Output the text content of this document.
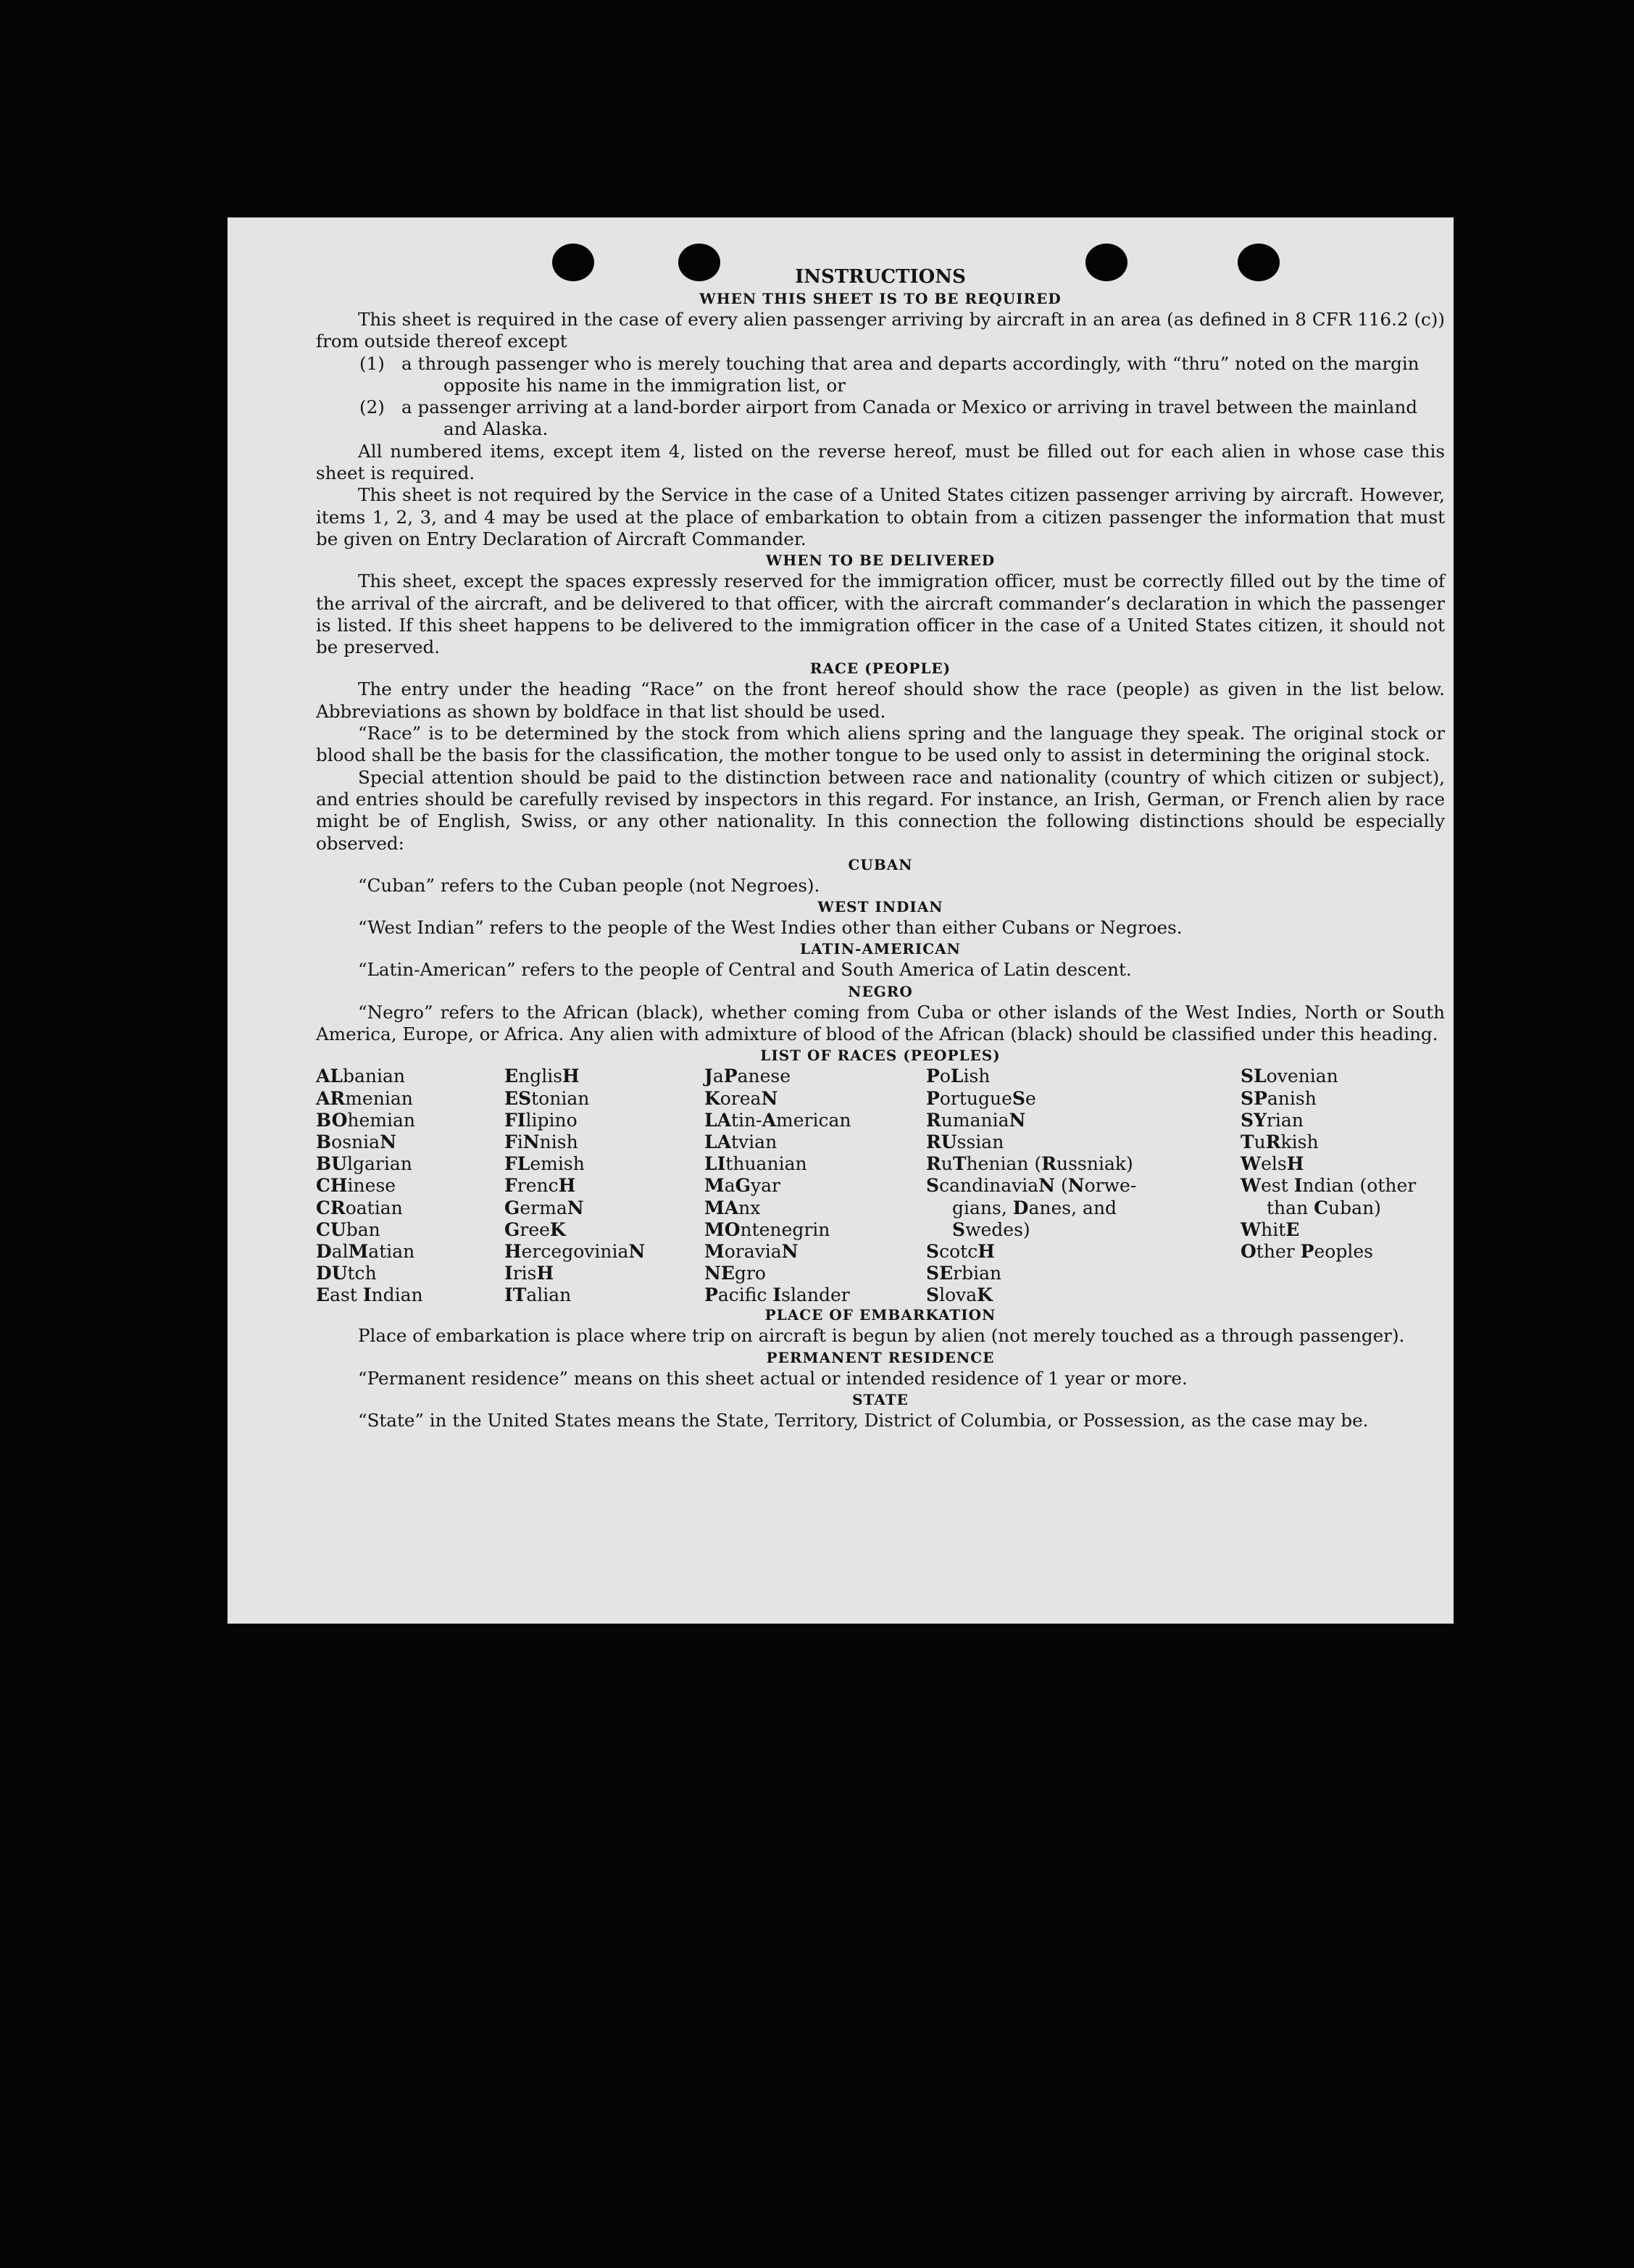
INSTRUCTIONS
WHEN THIS SHEET IS TO BE REQUIRED

This sheet is required in the case of every alien passenger arriving by aircraft in an area (as defined in 8 CFR 116.2 (c)) from outside thereof except

(1) a through passenger who is merely touching that area and departs accordingly, with “thru” noted on the margin opposite his name in the immigration list, or

(2) a passenger arriving at a land-border airport from Canada or Mexico or arriving in travel between the mainland and Alaska.

All numbered items, except item 4, listed on the reverse hereof, must be filled out for each alien in whose case this sheet is required.

This sheet is not required by the Service in the case of a United States citizen passenger arriving by aircraft. However, items 1, 2, 3, and 4 may be used at the place of embarkation to obtain from a citizen passenger the information that must be given on Entry Declaration of Aircraft Commander.

WHEN TO BE DELIVERED

This sheet, except the spaces expressly reserved for the immigration officer, must be correctly filled out by the time of the arrival of the aircraft, and be delivered to that officer, with the aircraft commander’s declaration in which the passenger is listed. If this sheet happens to be delivered to the immigration officer in the case of a United States citizen, it should not be preserved.

RACE (PEOPLE)

The entry under the heading “Race” on the front hereof should show the race (people) as given in the list below. Abbreviations as shown by boldface in that list should be used.

“Race” is to be determined by the stock from which aliens spring and the language they speak. The original stock or blood shall be the basis for the classification, the mother tongue to be used only to assist in determining the original stock.

Special attention should be paid to the distinction between race and nationality (country of which citizen or subject), and entries should be carefully revised by inspectors in this regard. For instance, an Irish, German, or French alien by race might be of English, Swiss, or any other nationality. In this connection the following distinctions should be especially observed:

CUBAN

“Cuban” refers to the Cuban people (not Negroes).

WEST INDIAN

“West Indian” refers to the people of the West Indies other than either Cubans or Negroes.

LATIN-AMERICAN

“Latin-American” refers to the people of Central and South America of Latin descent.

NEGRO

“Negro” refers to the African (black), whether coming from Cuba or other islands of the West Indies, North or South America, Europe, or Africa. Any alien with admixture of blood of the African (black) should be classified under this heading.

LIST OF RACES (PEOPLES)
ALbanian
ARmenian
BOhemian
BosniaN
BUlgarian
CHinese
CRoatian
CUban
DalMatian
DUtch
East Indian
EnglisH
EStonian
FIlipino
FiNnish
FLemish
FrencH
GermaN
GreeK
HercegoviniaN
IrisH
ITalian
JaPanese
KoreaN
LAtin-American
LAtvian
LIthuanian
MaGyar
MAnx
MOntenegrin
MoraviaN
NEgro
Pacifc Islander
PoLish
PortugueSe
RumaniaN
RUssian
RuThenian (Russniak)
ScandinaviaN (Norwe-
gians, Danes, and
Swedes)
ScotcH
SErbian
SlovaK
SLovenian
SPanish
SYrian
TuRkish
WelsH
West Indian (other
than Cuban)
WhitE
Other Peoples
PLACE OF EMBARKATION

Place of embarkation is place where trip on aircraft is begun by alien (not merely touched as a through passenger).

PERMANENT RESIDENCE

“Permanent residence” means on this sheet actual or intended residence of 1 year or more.

STATE

“State” in the United States means the State, Territory, District of Columbia, or Possession, as the case may be.
